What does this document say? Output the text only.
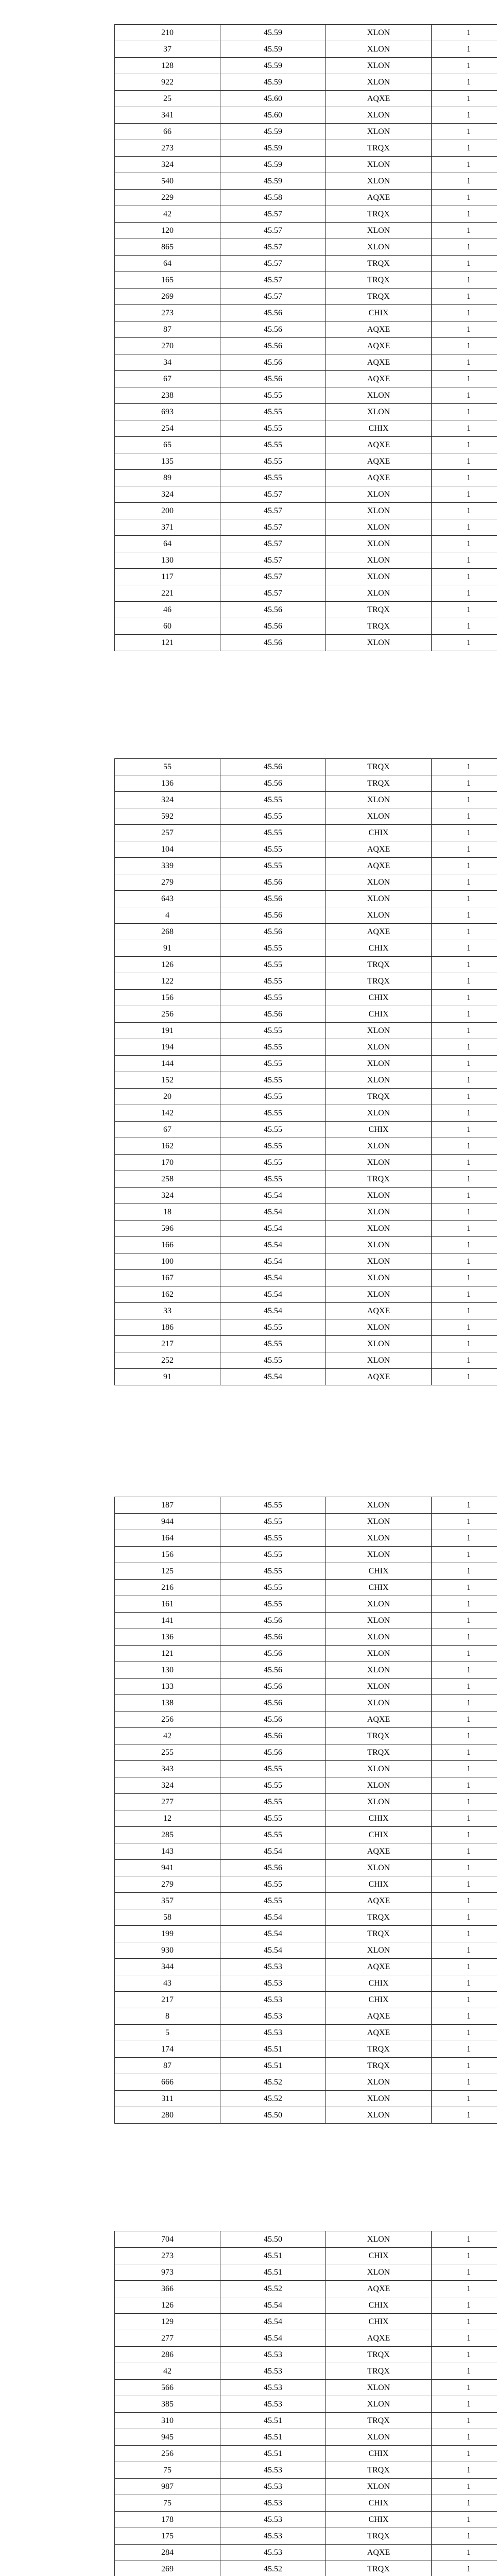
210	45.59	XLON	1
37	45.59	XLON	1
128	45.59	XLON	1
922	45.59	XLON	1
25	45.60	AQXE	1
341	45.60	XLON	1
66	45.59	XLON	1
273	45.59	TRQX	1
324	45.59	XLON	1
540	45.59	XLON	1
229	45.58	AQXE	1
42	45.57	TRQX	1
120	45.57	XLON	1
865	45.57	XLON	1
64	45.57	TRQX	1
165	45.57	TRQX	1
269	45.57	TRQX	1
273	45.56	CHIX	1
87	45.56	AQXE	1
270	45.56	AQXE	1
34	45.56	AQXE	1
67	45.56	AQXE	1
238	45.55	XLON	1
693	45.55	XLON	1
254	45.55	CHIX	1
65	45.55	AQXE	1
135	45.55	AQXE	1
89	45.55	AQXE	1
324	45.57	XLON	1
200	45.57	XLON	1
371	45.57	XLON	1
64	45.57	XLON	1
130	45.57	XLON	1
117	45.57	XLON	1
221	45.57	XLON	1
46	45.56	TRQX	1
60	45.56	TRQX	1
121	45.56	XLON	1
55	45.56	TRQX	1
136	45.56	TRQX	1
324	45.55	XLON	1
592	45.55	XLON	1
257	45.55	CHIX	1
104	45.55	AQXE	1
339	45.55	AQXE	1
279	45.56	XLON	1
643	45.56	XLON	1
4	45.56	XLON	1
268	45.56	AQXE	1
91	45.55	CHIX	1
126	45.55	TRQX	1
122	45.55	TRQX	1
156	45.55	CHIX	1
256	45.56	CHIX	1
191	45.55	XLON	1
194	45.55	XLON	1
144	45.55	XLON	1
152	45.55	XLON	1
20	45.55	TRQX	1
142	45.55	XLON	1
67	45.55	CHIX	1
162	45.55	XLON	1
170	45.55	XLON	1
258	45.55	TRQX	1
324	45.54	XLON	1
18	45.54	XLON	1
596	45.54	XLON	1
166	45.54	XLON	1
100	45.54	XLON	1
167	45.54	XLON	1
162	45.54	XLON	1
33	45.54	AQXE	1
186	45.55	XLON	1
217	45.55	XLON	1
252	45.55	XLON	1
91	45.54	AQXE	1
187	45.55	XLON	1
944	45.55	XLON	1
164	45.55	XLON	1
156	45.55	XLON	1
125	45.55	CHIX	1
216	45.55	CHIX	1
161	45.55	XLON	1
141	45.56	XLON	1
136	45.56	XLON	1
121	45.56	XLON	1
130	45.56	XLON	1
133	45.56	XLON	1
138	45.56	XLON	1
256	45.56	AQXE	1
42	45.56	TRQX	1
255	45.56	TRQX	1
343	45.55	XLON	1
324	45.55	XLON	1
277	45.55	XLON	1
12	45.55	CHIX	1
285	45.55	CHIX	1
143	45.54	AQXE	1
941	45.56	XLON	1
279	45.55	CHIX	1
357	45.55	AQXE	1
58	45.54	TRQX	1
199	45.54	TRQX	1
930	45.54	XLON	1
344	45.53	AQXE	1
43	45.53	CHIX	1
217	45.53	CHIX	1
8	45.53	AQXE	1
5	45.53	AQXE	1
174	45.51	TRQX	1
87	45.51	TRQX	1
666	45.52	XLON	1
311	45.52	XLON	1
280	45.50	XLON	1
704	45.50	XLON	1
273	45.51	CHIX	1
973	45.51	XLON	1
366	45.52	AQXE	1
126	45.54	CHIX	1
129	45.54	CHIX	1
277	45.54	AQXE	1
286	45.53	TRQX	1
42	45.53	TRQX	1
566	45.53	XLON	1
385	45.53	XLON	1
310	45.51	TRQX	1
945	45.51	XLON	1
256	45.51	CHIX	1
75	45.53	TRQX	1
987	45.53	XLON	1
75	45.53	CHIX	1
178	45.53	CHIX	1
175	45.53	TRQX	1
284	45.53	AQXE	1
269	45.52	TRQX	1
